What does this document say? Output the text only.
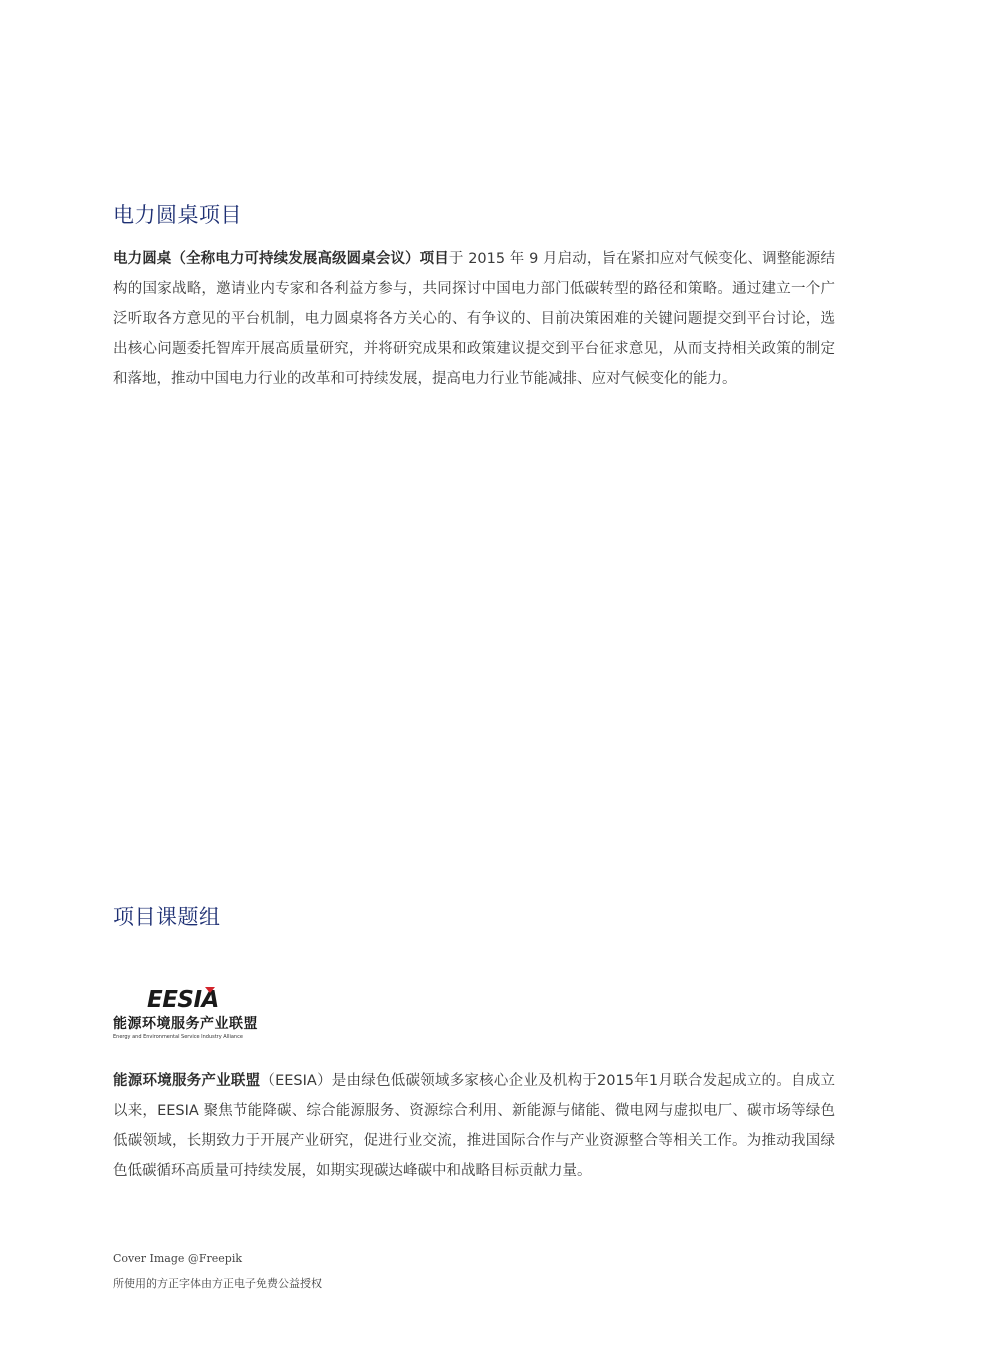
电力圆桌项目

电力圆桌（全称电力可持续发展高级圆桌会议）项目于 2015 年 9 月启动，旨在紧扣应对气候变化、调整能源结构的国家战略，邀请业内专家和各利益方参与，共同探讨中国电力部门低碳转型的路径和策略。通过建立一个广泛听取各方意见的平台机制，电力圆桌将各方关心的、有争议的、目前决策困难的关键问题提交到平台讨论，选出核心问题委托智库开展高质量研究，并将研究成果和政策建议提交到平台征求意见，从而支持相关政策的制定和落地，推动中国电力行业的改革和可持续发展，提高电力行业节能减排、应对气候变化的能力。

项目课题组
EESIA
能源环境服务产业联盟
Energy and Environmental Service Industry Alliance

能源环境服务产业联盟（EESIA）是由绿色低碳领域多家核心企业及机构于2015年1月联合发起成立的。自成立以来，EESIA 聚焦节能降碳、综合能源服务、资源综合利用、新能源与储能、微电网与虚拟电厂、碳市场等绿色低碳领域，长期致力于开展产业研究，促进行业交流，推进国际合作与产业资源整合等相关工作。为推动我国绿色低碳循环高质量可持续发展，如期实现碳达峰碳中和战略目标贡献力量。

Cover Image @Freepik

所使用的方正字体由方正电子免费公益授权
